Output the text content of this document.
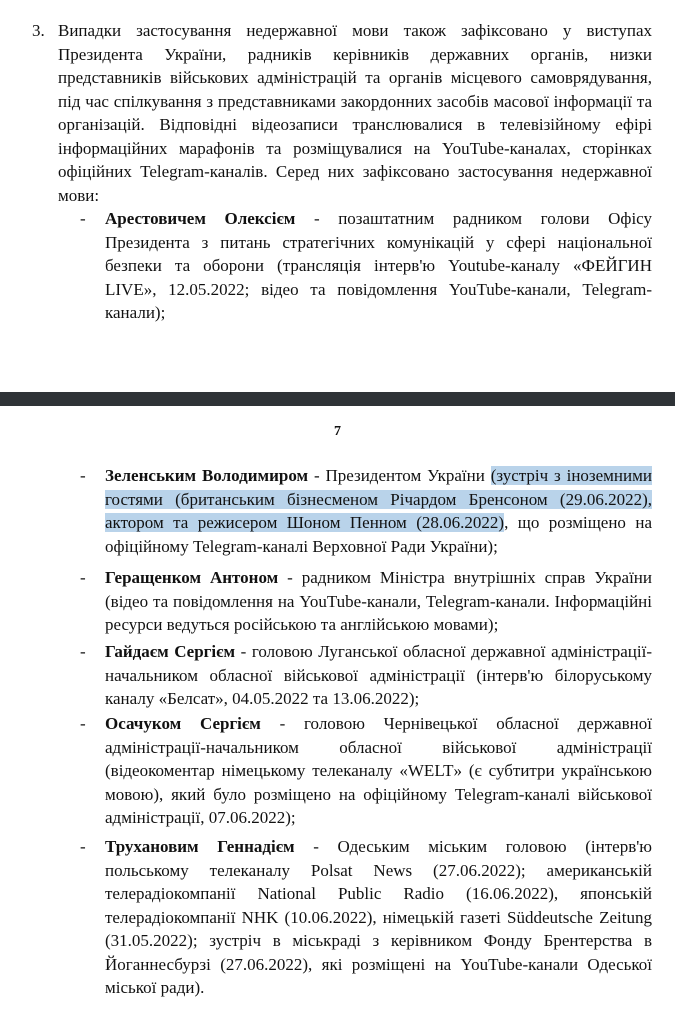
3. Випадки застосування недержавної мови також зафіксовано у виступах Президента України, радників керівників державних органів, низки представників військових адміністрацій та органів місцевого самоврядування, під час спілкування з представниками закордонних засобів масової інформації та організацій. Відповідні відеозаписи транслювалися в телевізійному ефірі інформаційних марафонів та розміщувалися на YouTube-каналах, сторінках офіційних Telegram-каналів. Серед них зафіксовано застосування недержавної мови:
- Арестовичем Олексієм - позаштатним радником голови Офісу Президента з питань стратегічних комунікацій у сфері національної безпеки та оборони (трансляція інтерв'ю Youtube-каналу «ФЕЙГИН LIVE», 12.05.2022; відео та повідомлення YouTube-канали, Telegram-канали);
7
- Зеленським Володимиром - Президентом України (зустріч з іноземними гостями (британським бізнесменом Річардом Бренсоном (29.06.2022), актором та режисером Шоном Пенном (28.06.2022), що розміщено на офіційному Telegram-каналі Верховної Ради України);
- Геращенком Антоном - радником Міністра внутрішніх справ України (відео та повідомлення на YouTube-канали, Telegram-канали. Інформаційні ресурси ведуться російською та англійською мовами);
- Гайдаєм Сергієм - головою Луганської обласної державної адміністрації-начальником обласної військової адміністрації (інтерв'ю білоруському каналу «Белсат», 04.05.2022 та 13.06.2022);
- Осачуком Сергієм - головою Чернівецької обласної державної адміністрації-начальником обласної військової адміністрації (відеокоментар німецькому телеканалу «WELT» (є субтитри українською мовою), який було розміщено на офіційному Telegram-каналі військової адміністрації, 07.06.2022);
- Трухановим Геннадієм - Одеським міським головою (інтерв'ю польському телеканалу Polsat News (27.06.2022); американській телерадіокомпанії National Public Radio (16.06.2022), японській телерадіокомпанії NHK (10.06.2022), німецькій газеті Süddeutsche Zeitung (31.05.2022); зустріч в міськраді з керівником Фонду Брентерства в Йоганнесбурзі (27.06.2022), які розміщені на YouTube-канали Одеської міської ради).
